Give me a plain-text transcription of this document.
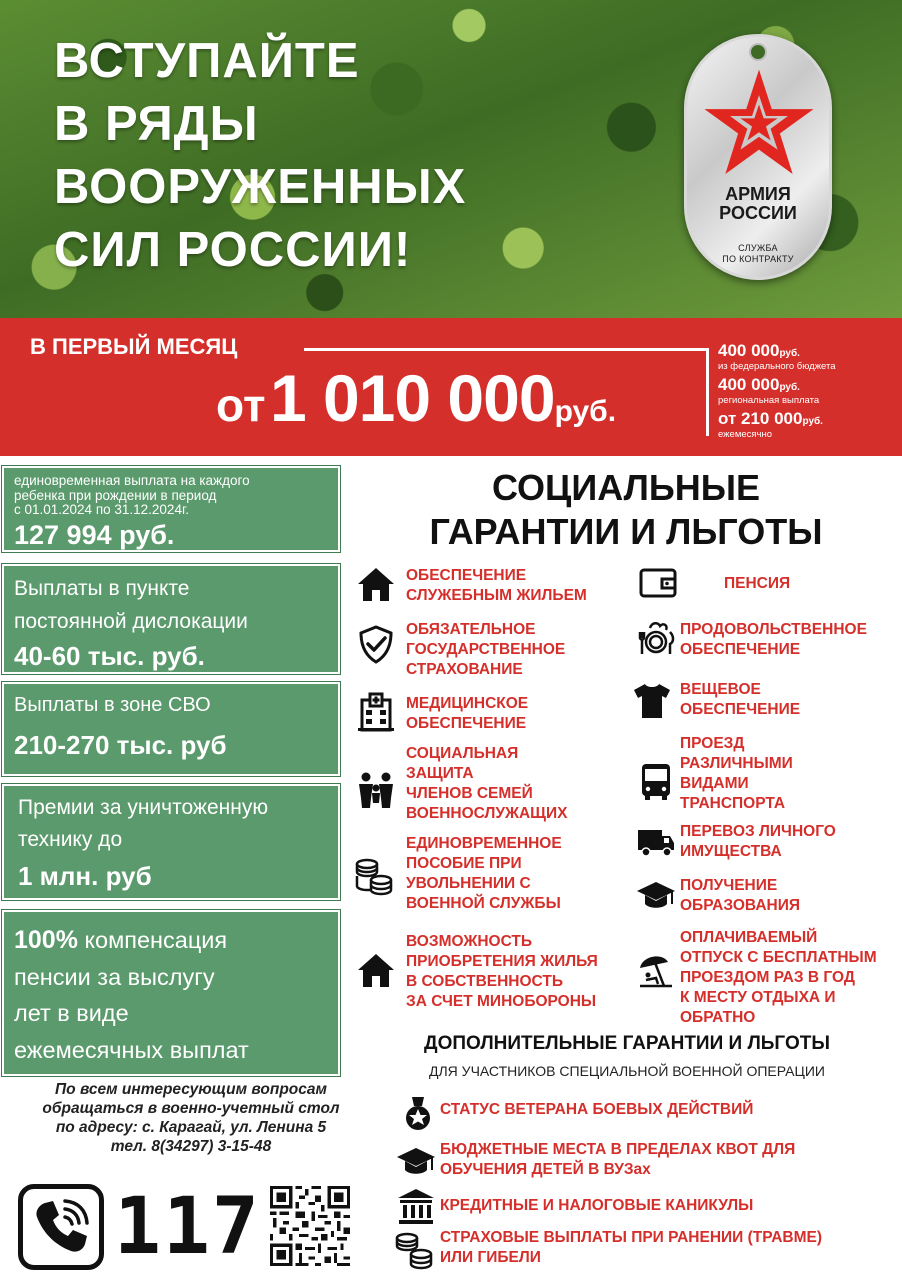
ВСТУПАЙТЕ
В РЯДЫ
ВООРУЖЕННЫХ
СИЛ РОССИИ!
АРМИЯ
РОССИИ
СЛУЖБА
ПО КОНТРАКТУ
В ПЕРВЫЙ МЕСЯЦ
от 1 010 000руб.
400 000руб.
из федерального бюджета
400 000руб.
региональная выплата
от 210 000руб.
ежемесячно
единовременная выплата на каждого
ребенка при рождении в период
с 01.01.2024 по 31.12.2024г.
127 994 руб.
Выплаты в пункте
постоянной дислокации
40-60 тыс. руб.
Выплаты в зоне СВО
210-270 тыс. руб
Премии за уничтоженную
технику до
1 млн. руб
100% компенсация
пенсии за выслугу
лет в виде
ежемесячных выплат
По всем интересующим вопросам
обращаться в военно-учетный стол
по адресу: с. Карагай, ул. Ленина 5
тел. 8(34297) 3-15-48
117
СОЦИАЛЬНЫЕ
ГАРАНТИИ И ЛЬГОТЫ
ОБЕСПЕЧЕНИЕ
СЛУЖЕБНЫМ ЖИЛЬЕМ
ОБЯЗАТЕЛЬНОЕ
ГОСУДАРСТВЕННОЕ
СТРАХОВАНИЕ
МЕДИЦИНСКОЕ
ОБЕСПЕЧЕНИЕ
СОЦИАЛЬНАЯ
ЗАЩИТА
ЧЛЕНОВ СЕМЕЙ
ВОЕННОСЛУЖАЩИХ
ЕДИНОВРЕМЕННОЕ
ПОСОБИЕ ПРИ
УВОЛЬНЕНИИ С
ВОЕННОЙ СЛУЖБЫ
ВОЗМОЖНОСТЬ
ПРИОБРЕТЕНИЯ ЖИЛЬЯ
В СОБСТВЕННОСТЬ
ЗА СЧЕТ МИНОБОРОНЫ
ПЕНСИЯ
ПРОДОВОЛЬСТВЕННОЕ
ОБЕСПЕЧЕНИЕ
ВЕЩЕВОЕ
ОБЕСПЕЧЕНИЕ
ПРОЕЗД
РАЗЛИЧНЫМИ
ВИДАМИ
ТРАНСПОРТА
ПЕРЕВОЗ ЛИЧНОГО
ИМУЩЕСТВА
ПОЛУЧЕНИЕ
ОБРАЗОВАНИЯ
ОПЛАЧИВАЕМЫЙ
ОТПУСК С БЕСПЛАТНЫМ
ПРОЕЗДОМ РАЗ В ГОД
К МЕСТУ ОТДЫХА И
ОБРАТНО
ДОПОЛНИТЕЛЬНЫЕ ГАРАНТИИ И ЛЬГОТЫ
ДЛЯ УЧАСТНИКОВ СПЕЦИАЛЬНОЙ ВОЕННОЙ ОПЕРАЦИИ
СТАТУС ВЕТЕРАНА БОЕВЫХ ДЕЙСТВИЙ
БЮДЖЕТНЫЕ МЕСТА В ПРЕДЕЛАХ КВОТ ДЛЯ
ОБУЧЕНИЯ ДЕТЕЙ В ВУЗах
КРЕДИТНЫЕ И НАЛОГОВЫЕ КАНИКУЛЫ
СТРАХОВЫЕ ВЫПЛАТЫ ПРИ РАНЕНИИ (ТРАВМЕ)
ИЛИ ГИБЕЛИ
